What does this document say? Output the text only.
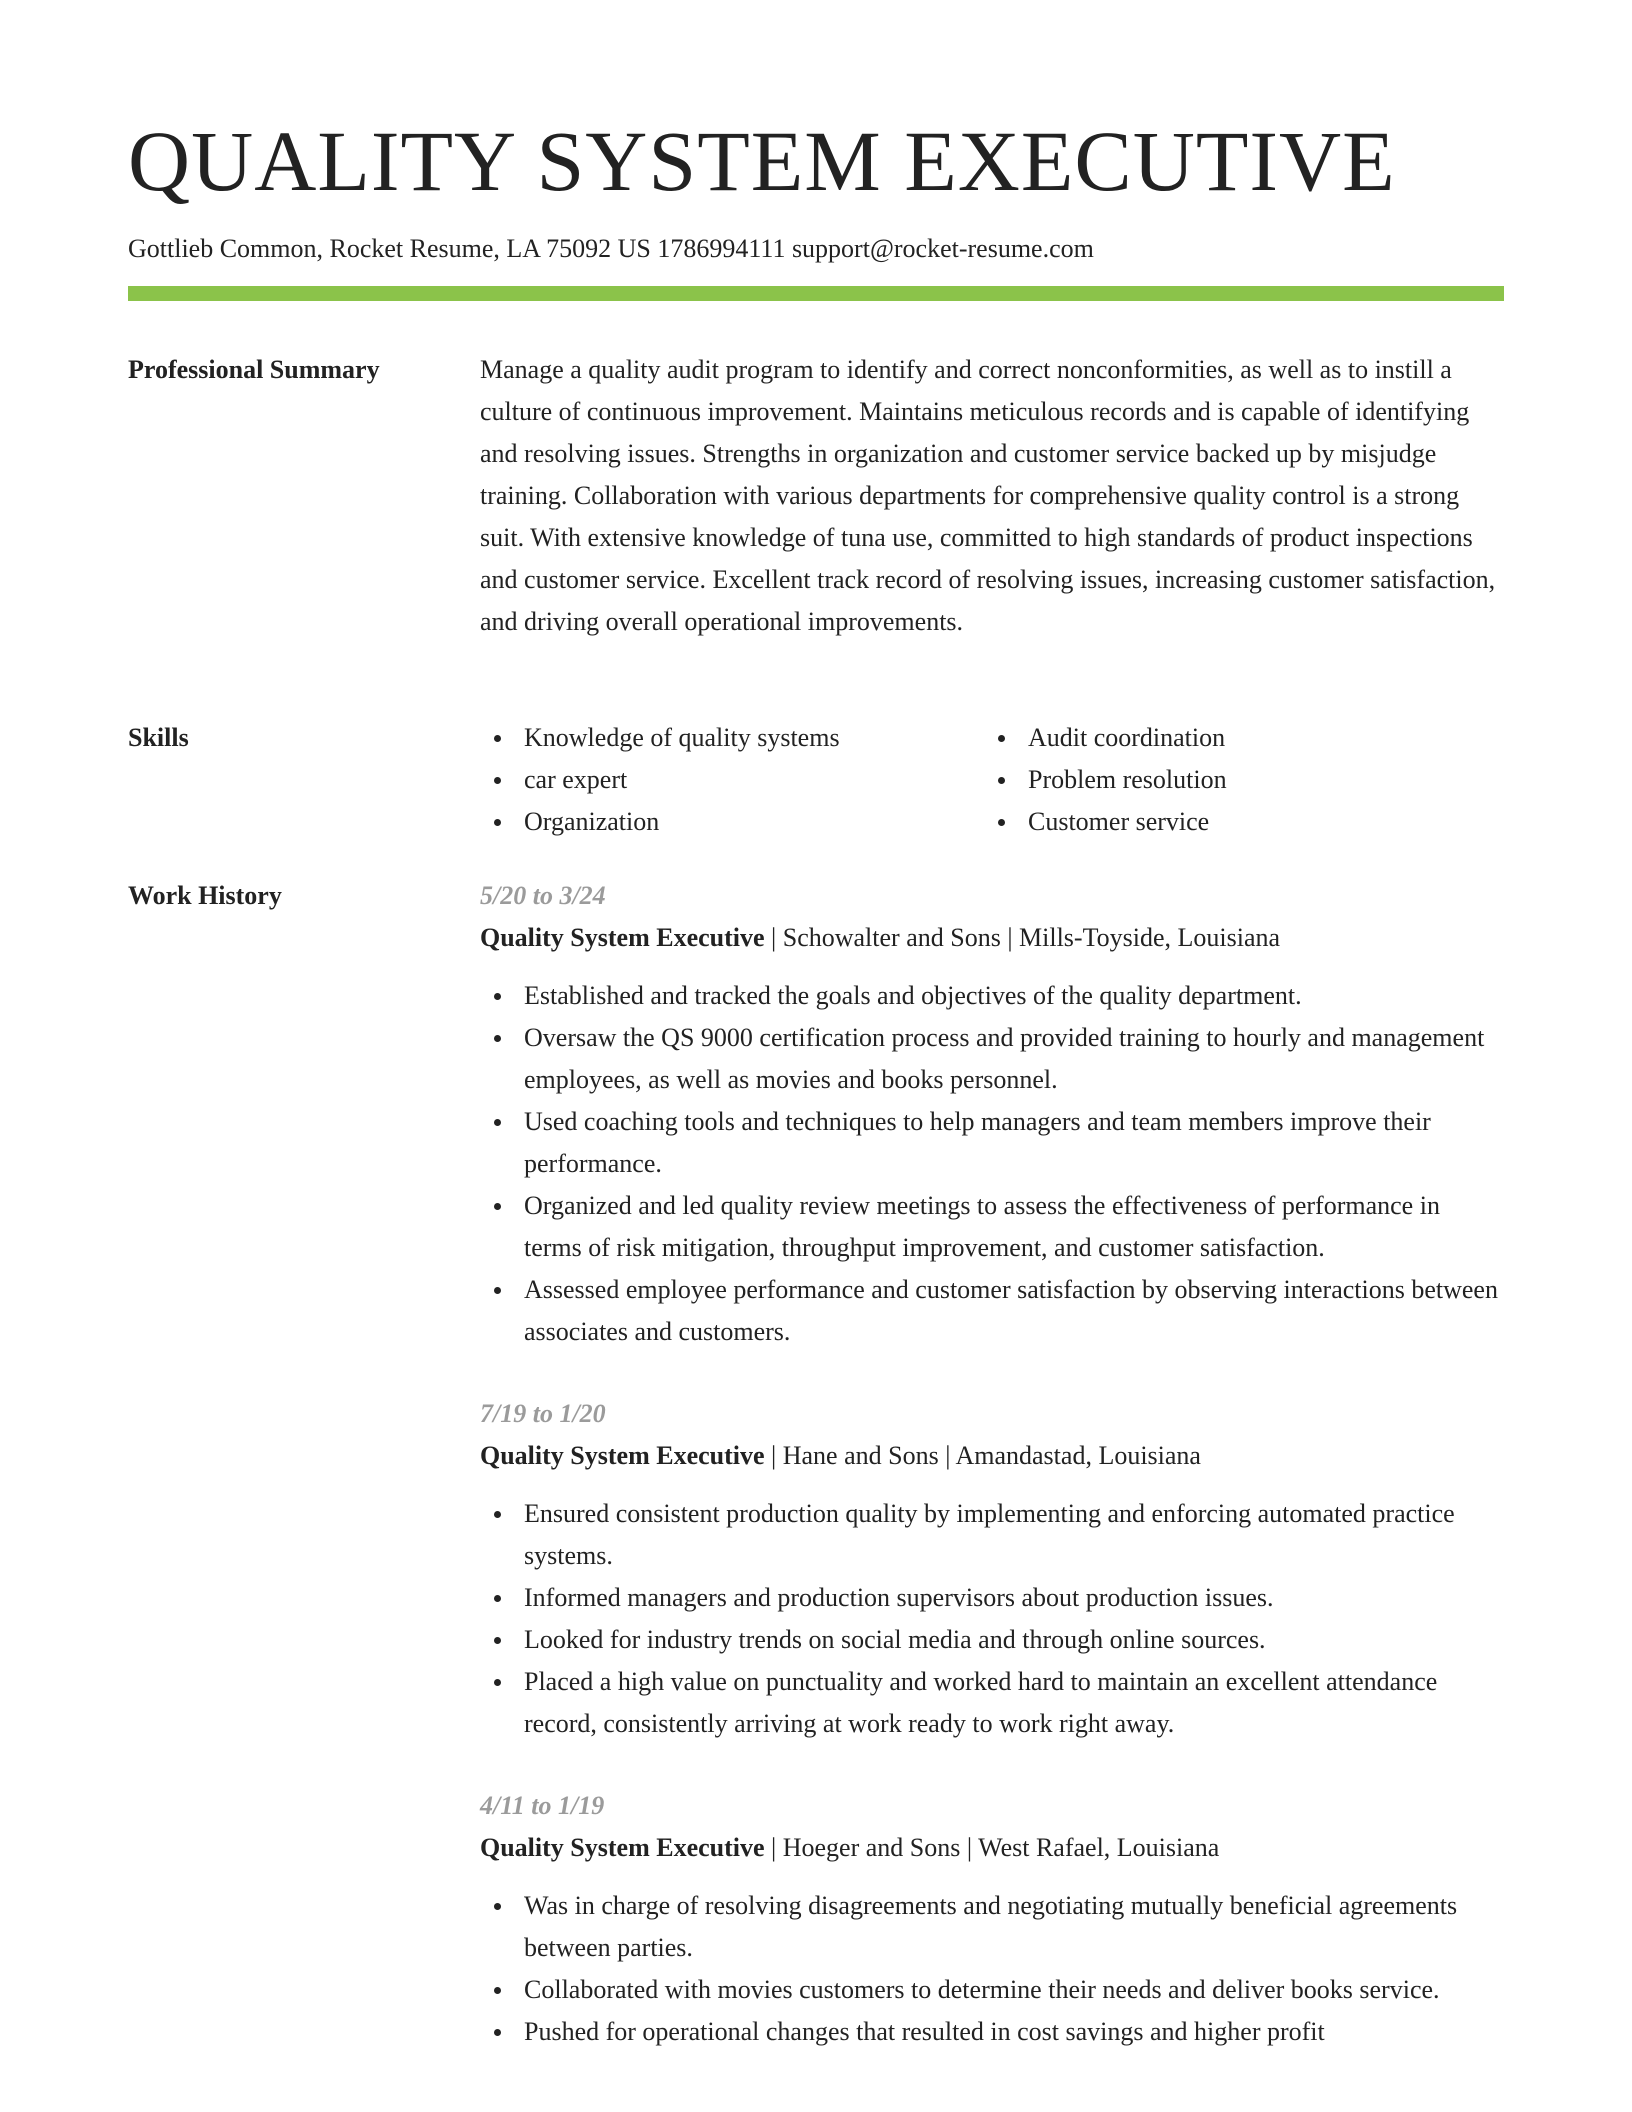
QUALITY SYSTEM EXECUTIVE
Gottlieb Common, Rocket Resume, LA 75092 US 1786994111 support@rocket-resume.com
Professional Summary	Manage a quality audit program to identify and correct nonconformities, as well as to instill a culture of continuous improvement. Maintains meticulous records and is capable of identifying and resolving issues. Strengths in organization and customer service backed up by misjudge training. Collaboration with various departments for comprehensive quality control is a strong suit. With extensive knowledge of tuna use, committed to high standards of product inspections and customer service. Excellent track record of resolving issues, increasing customer satisfaction, and driving overall operational improvements.

Skills	Knowledge of quality systems
car expert
Organization
Audit coordination
Problem resolution
Customer service
Work History	5/20 to 3/24
Quality System Executive | Schowalter and Sons | Mills-Toyside, Louisiana
Established and tracked the goals and objectives of the quality department.
Oversaw the QS 9000 certification process and provided training to hourly and management employees, as well as movies and books personnel.
Used coaching tools and techniques to help managers and team members improve their performance.
Organized and led quality review meetings to assess the effectiveness of performance in terms of risk mitigation, throughput improvement, and customer satisfaction.
Assessed employee performance and customer satisfaction by observing interactions between associates and customers.
7/19 to 1/20
Quality System Executive | Hane and Sons | Amandastad, Louisiana
Ensured consistent production quality by implementing and enforcing automated practice systems.
Informed managers and production supervisors about production issues.
Looked for industry trends on social media and through online sources.
Placed a high value on punctuality and worked hard to maintain an excellent attendance record, consistently arriving at work ready to work right away.
4/11 to 1/19
Quality System Executive | Hoeger and Sons | West Rafael, Louisiana
Was in charge of resolving disagreements and negotiating mutually beneficial agreements between parties.
Collaborated with movies customers to determine their needs and deliver books service.
Pushed for operational changes that resulted in cost savings and higher profit
